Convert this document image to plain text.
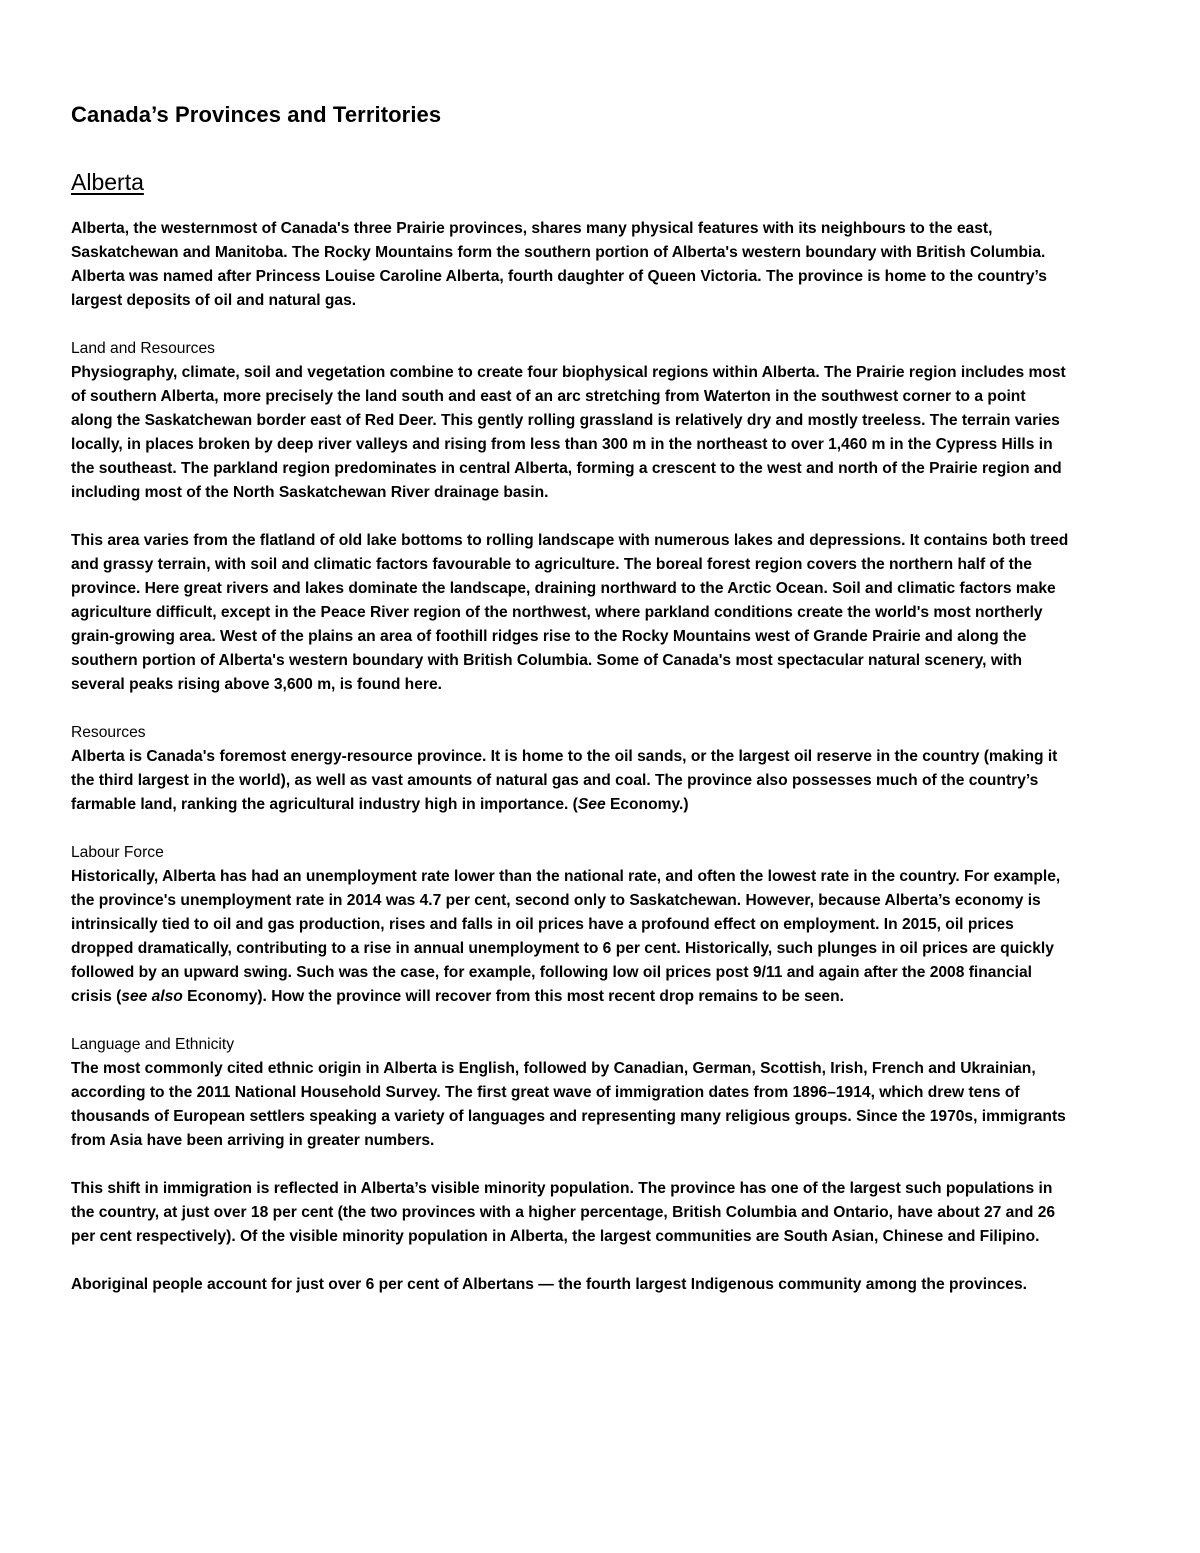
Canada’s Provinces and Territories
Alberta

Alberta, the westernmost of Canada's three Prairie provinces, shares many physical features with its neighbours to the east, Saskatchewan and Manitoba. The Rocky Mountains form the southern portion of Alberta's western boundary with British Columbia. Alberta was named after Princess Louise Caroline Alberta, fourth daughter of Queen Victoria. The province is home to the country’s largest deposits of oil and natural gas.

Land and Resources
Physiography, climate, soil and vegetation combine to create four biophysical regions within Alberta. The Prairie region includes most of southern Alberta, more precisely the land south and east of an arc stretching from Waterton in the southwest corner to a point along the Saskatchewan border east of Red Deer. This gently rolling grassland is relatively dry and mostly treeless. The terrain varies locally, in places broken by deep river valleys and rising from less than 300 m in the northeast to over 1,460 m in the Cypress Hills in the southeast. The parkland region predominates in central Alberta, forming a crescent to the west and north of the Prairie region and including most of the North Saskatchewan River drainage basin.

This area varies from the flatland of old lake bottoms to rolling landscape with numerous lakes and depressions. It contains both treed and grassy terrain, with soil and climatic factors favourable to agriculture. The boreal forest region covers the northern half of the province. Here great rivers and lakes dominate the landscape, draining northward to the Arctic Ocean. Soil and climatic factors make agriculture difficult, except in the Peace River region of the northwest, where parkland conditions create the world's most northerly grain-growing area. West of the plains an area of foothill ridges rise to the Rocky Mountains west of Grande Prairie and along the southern portion of Alberta's western boundary with British Columbia. Some of Canada's most spectacular natural scenery, with several peaks rising above 3,600 m, is found here.

Resources
Alberta is Canada's foremost energy-resource province. It is home to the oil sands, or the largest oil reserve in the country (making it the third largest in the world), as well as vast amounts of natural gas and coal. The province also possesses much of the country’s farmable land, ranking the agricultural industry high in importance. (See Economy.)

Labour Force
Historically, Alberta has had an unemployment rate lower than the national rate, and often the lowest rate in the country. For example, the province's unemployment rate in 2014 was 4.7 per cent, second only to Saskatchewan. However, because Alberta’s economy is intrinsically tied to oil and gas production, rises and falls in oil prices have a profound effect on employment. In 2015, oil prices dropped dramatically, contributing to a rise in annual unemployment to 6 per cent. Historically, such plunges in oil prices are quickly followed by an upward swing. Such was the case, for example, following low oil prices post 9/11 and again after the 2008 financial crisis (see also Economy). How the province will recover from this most recent drop remains to be seen.

Language and Ethnicity
The most commonly cited ethnic origin in Alberta is English, followed by Canadian, German, Scottish, Irish, French and Ukrainian, according to the 2011 National Household Survey. The first great wave of immigration dates from 1896–1914, which drew tens of thousands of European settlers speaking a variety of languages and representing many religious groups. Since the 1970s, immigrants from Asia have been arriving in greater numbers.

This shift in immigration is reflected in Alberta’s visible minority population. The province has one of the largest such populations in the country, at just over 18 per cent (the two provinces with a higher percentage, British Columbia and Ontario, have about 27 and 26 per cent respectively). Of the visible minority population in Alberta, the largest communities are South Asian, Chinese and Filipino.

Aboriginal people account for just over 6 per cent of Albertans — the fourth largest Indigenous community among the provinces.
